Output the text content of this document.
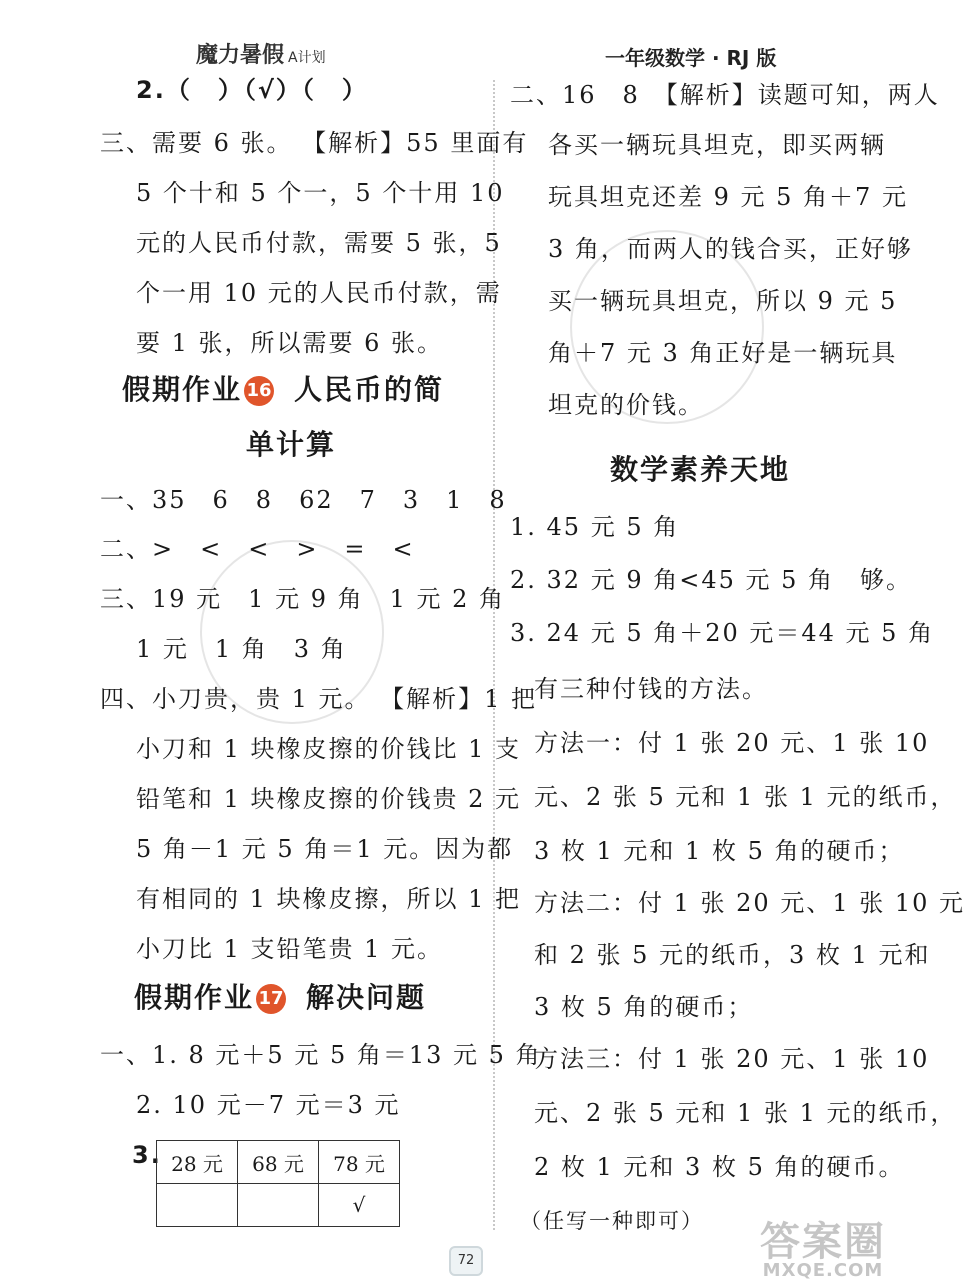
魔力暑假 A计划	一年级数学 · RJ 版
2.（　）（√）（　）
三、需要 6 张。 【解析】55 里面有
5 个十和 5 个一，5 个十用 10
元的人民币付款，需要 5 张，5
个一用 10 元的人民币付款，需
要 1 张，所以需要 6 张。
假期作业 16 人民币的简
单计算
一、35　6　8　62　7　3　1　8
二、>　<　<　>　=　<
三、19 元　1 元 9 角　1 元 2 角
1 元　1 角　3 角
四、小刀贵，贵 1 元。 【解析】1 把
小刀和 1 块橡皮擦的价钱比 1 支
铅笔和 1 块橡皮擦的价钱贵 2 元
5 角－1 元 5 角＝1 元。因为都
有相同的 1 块橡皮擦，所以 1 把
小刀比 1 支铅笔贵 1 元。
假期作业 17 解决问题
一、1. 8 元＋5 元 5 角＝13 元 5 角
2. 10 元－7 元＝3 元
3. 28 元	68 元	78 元
		√
二、16　8　【解析】读题可知，两人
各买一辆玩具坦克，即买两辆
玩具坦克还差 9 元 5 角＋7 元
3 角，而两人的钱合买，正好够
买一辆玩具坦克，所以 9 元 5
角＋7 元 3 角正好是一辆玩具
坦克的价钱。
数学素养天地
1. 45 元 5 角
2. 32 元 9 角<45 元 5 角　够。
3. 24 元 5 角＋20 元＝44 元 5 角
有三种付钱的方法。
方法一：付 1 张 20 元、1 张 10
元、2 张 5 元和 1 张 1 元的纸币，
3 枚 1 元和 1 枚 5 角的硬币；
方法二：付 1 张 20 元、1 张 10 元
和 2 张 5 元的纸币，3 枚 1 元和
3 枚 5 角的硬币；
方法三：付 1 张 20 元、1 张 10
元、2 张 5 元和 1 张 1 元的纸币，
2 枚 1 元和 3 枚 5 角的硬币。
（任写一种即可）
72	答案圈
MXQE.COM
